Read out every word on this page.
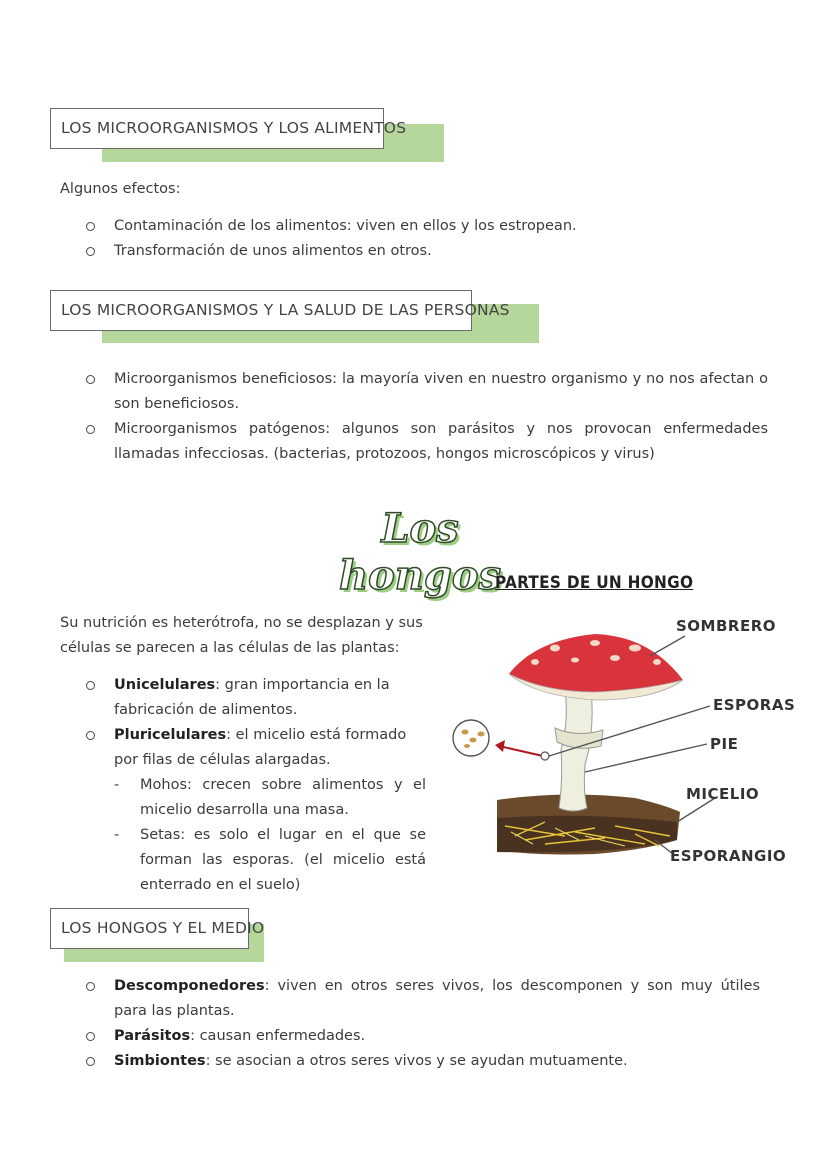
LOS MICROORGANISMOS Y LOS ALIMENTOS
Algunos efectos:
Contaminación de los alimentos: viven en ellos y los estropean.
Transformación de unos alimentos en otros.
LOS MICROORGANISMOS Y LA SALUD DE LAS PERSONAS
Microorganismos beneficiosos: la mayoría viven en nuestro organismo y no nos afectan o son beneficiosos.
Microorganismos patógenos: algunos son parásitos y nos provocan enfermedades llamadas infecciosas. (bacterias, protozoos, hongos microscópicos y virus)
Los hongos
PARTES DE UN HONGO
Su nutrición es heterótrofa, no se desplazan y sus células se parecen a las células de las plantas:
Unicelulares: gran importancia en la fabricación de alimentos.
Pluricelulares: el micelio está formado por filas de células alargadas.
- Mohos: crecen sobre alimentos y el micelio desarrolla una masa.
- Setas: es solo el lugar en el que se forman las esporas. (el micelio está enterrado en el suelo)
SOMBRERO
ESPORAS
PIE
MICELIO
ESPORANGIO
LOS HONGOS Y EL MEDIO
Descomponedores: viven en otros seres vivos, los descomponen y son muy útiles para las plantas.
Parásitos: causan enfermedades.
Simbiontes: se asocian a otros seres vivos y se ayudan mutuamente.
